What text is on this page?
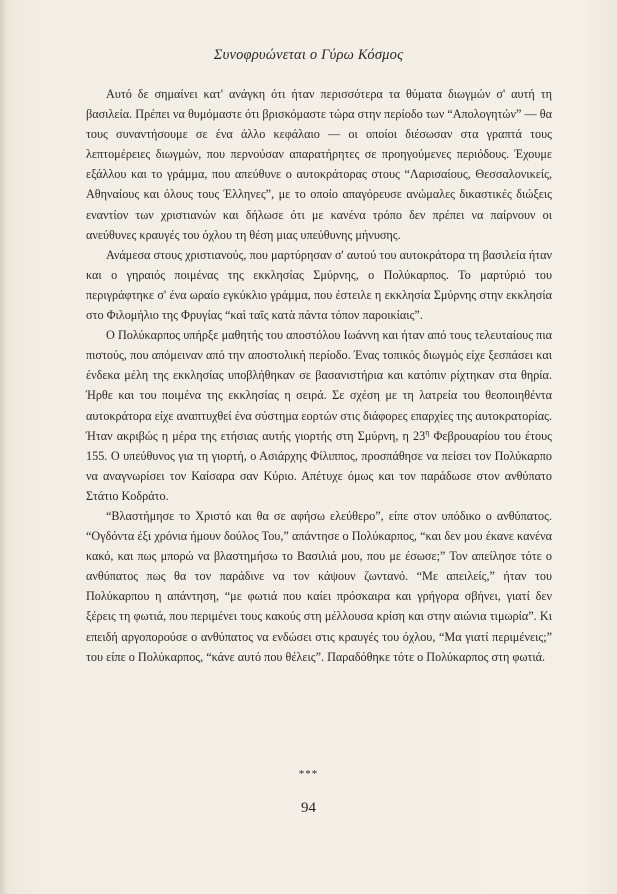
Συνοφρυώνεται ο Γύρω Κόσμος

Αυτό δε σημαίνει κατ' ανάγκη ότι ήταν περισσότερα τα θύματα διωγμών σ' αυτή τη βασιλεία. Πρέπει να θυμόμαστε ότι βρισκόμαστε τώρα στην περίοδο των “Απολογητών” — θα τους συναντήσουμε σε ένα άλλο κεφάλαιο — οι οποίοι διέσωσαν στα γραπτά τους λεπτομέρειες διωγμών, που περνούσαν απαρατήρητες σε προηγούμενες περιόδους. Έχουμε εξάλλου και το γράμμα, που απεύθυνε ο αυτοκράτορας στους “Λαρισαίους, Θεσσαλονικείς, Αθηναίους και όλους τους Έλληνες”, με το οποίο απαγόρευσε ανώμαλες δικαστικές διώξεις εναντίον των χριστιανών και δήλωσε ότι με κανένα τρόπο δεν πρέπει να παίρνουν οι ανεύθυνες κραυγές του όχλου τη θέση μιας υπεύθυνης μήνυσης.

Ανάμεσα στους χριστιανούς, που μαρτύρησαν σ' αυτού του αυτοκράτορα τη βασιλεία ήταν και ο γηραιός ποιμένας της εκκλησίας Σμύρνης, ο Πολύκαρπος. Το μαρτύριό του περιγράφτηκε σ' ένα ωραίο εγκύκλιο γράμμα, που έστειλε η εκκλησία Σμύρνης στην εκκλησία στο Φιλομήλιο της Φρυγίας “καὶ ταῖς κατὰ πάντα τόπον παροικίαις”.

Ο Πολύκαρπος υπήρξε μαθητής του αποστόλου Ιωάννη και ήταν από τους τελευταίους πια πιστούς, που απόμειναν από την αποστολική περίοδο. Ένας τοπικός διωγμός είχε ξεσπάσει και ένδεκα μέλη της εκκλησίας υποβλήθηκαν σε βασανιστήρια και κατόπιν ρίχτηκαν στα θηρία. Ήρθε και του ποιμένα της εκκλησίας η σειρά. Σε σχέση με τη λατρεία του θεοποιηθέντα αυτοκράτορα είχε αναπτυχθεί ένα σύστημα εορτών στις διάφορες επαρχίες της αυτοκρατορίας. Ήταν ακριβώς η μέρα της ετήσιας αυτής γιορτής στη Σμύρνη, η $23^\eta$ Φεβρουαρίου του έτους 155. Ο υπεύθυνος για τη γιορτή, ο Ασιάρχης Φίλιππος, προσπάθησε να πείσει τον Πολύκαρπο να αναγνωρίσει τον Καίσαρα σαν Κύριο. Απέτυχε όμως και τον παράδωσε στον ανθύπατο Στάτιο Κοδράτο.

“Βλαστήμησε το Χριστό και θα σε αφήσω ελεύθερο”, είπε στον υπόδικο ο ανθύπατος. “Ογδόντα έξι χρόνια ήμουν δούλος Του,” απάντησε ο Πολύκαρπος, “και δεν μου έκανε κανένα κακό, και πως μπορώ να βλαστημήσω το Βασιλιά μου, που με έσωσε;” Τον απείλησε τότε ο ανθύπατος πως θα τον παράδινε να τον κάψουν ζωντανό. “Με απειλείς,” ήταν του Πολύκαρπου η απάντηση, “με φωτιά που καίει πρόσκαιρα και γρήγορα σβήνει, γιατί δεν ξέρεις τη φωτιά, που περιμένει τους κακούς στη μέλλουσα κρίση και στην αιώνια τιμωρία”. Κι επειδή αργοπορούσε ο ανθύπατος να ενδώσει στις κραυγές του όχλου, “Μα γιατί περιμένεις;” του είπε ο Πολύκαρπος, “κάνε αυτό που θέλεις”. Παραδόθηκε τότε ο Πολύκαρπος στη φωτιά.

***
94
